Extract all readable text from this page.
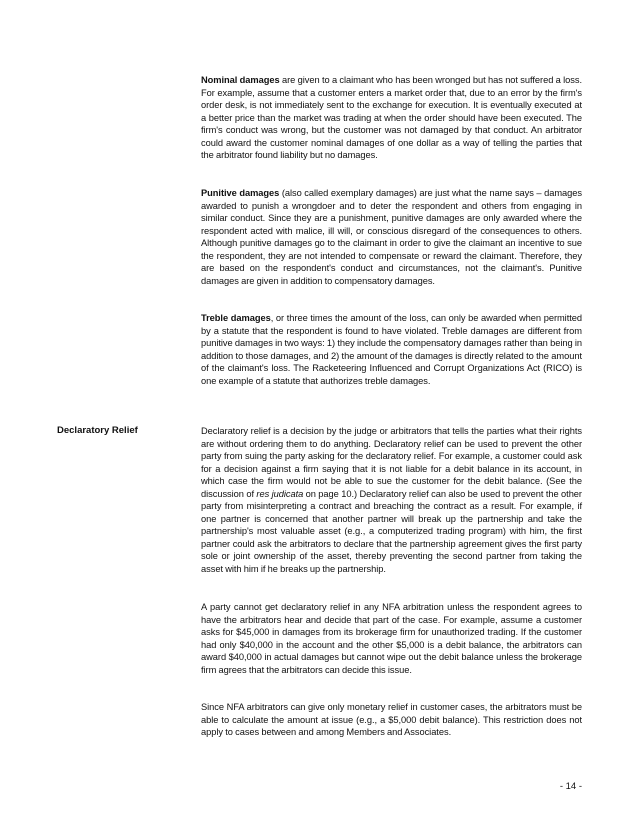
Nominal damages are given to a claimant who has been wronged but has not suffered a loss. For example, assume that a customer enters a market order that, due to an error by the firm's order desk, is not immediately sent to the exchange for execution. It is eventually executed at a better price than the market was trading at when the order should have been executed. The firm's conduct was wrong, but the customer was not damaged by that conduct. An arbitrator could award the customer nominal damages of one dollar as a way of telling the parties that the arbitrator found liability but no damages.

Punitive damages (also called exemplary damages) are just what the name says – damages awarded to punish a wrongdoer and to deter the respondent and others from engaging in similar conduct. Since they are a punishment, punitive damages are only awarded where the respondent acted with malice, ill will, or conscious disregard of the consequences to others. Although punitive damages go to the claimant in order to give the claimant an incentive to sue the respondent, they are not intended to compensate or reward the claimant. Therefore, they are based on the respondent's conduct and circumstances, not the claimant's. Punitive damages are given in addition to compensatory damages.

Treble damages, or three times the amount of the loss, can only be awarded when permitted by a statute that the respondent is found to have violated. Treble damages are different from punitive damages in two ways: 1) they include the compensatory damages rather than being in addition to those damages, and 2) the amount of the damages is directly related to the amount of the claimant's loss. The Racketeering Influenced and Corrupt Organizations Act (RICO) is one example of a statute that authorizes treble damages.

Declaratory Relief	Declaratory relief is a decision by the judge or arbitrators that tells the parties what their rights are without ordering them to do anything. Declaratory relief can be used to prevent the other party from suing the party asking for the declaratory relief. For example, a customer could ask for a decision against a firm saying that it is not liable for a debit balance in its account, in which case the firm would not be able to sue the customer for the debit balance. (See the discussion of res judicata on page 10.) Declaratory relief can also be used to prevent the other party from misinterpreting a contract and breaching the contract as a result. For example, if one partner is concerned that another partner will break up the partnership and take the partnership's most valuable asset (e.g., a computerized trading program) with him, the first partner could ask the arbitrators to declare that the partnership agreement gives the first party sole or joint ownership of the asset, thereby preventing the second partner from taking the asset with him if he breaks up the partnership.

A party cannot get declaratory relief in any NFA arbitration unless the respondent agrees to have the arbitrators hear and decide that part of the case. For example, assume a customer asks for $45,000 in damages from its brokerage firm for unauthorized trading. If the customer had only $40,000 in the account and the other $5,000 is a debit balance, the arbitrators can award $40,000 in actual damages but cannot wipe out the debit balance unless the brokerage firm agrees that the arbitrators can decide this issue.

Since NFA arbitrators can give only monetary relief in customer cases, the arbitrators must be able to calculate the amount at issue (e.g., a $5,000 debit balance). This restriction does not apply to cases between and among Members and Associates.

- 14 -
